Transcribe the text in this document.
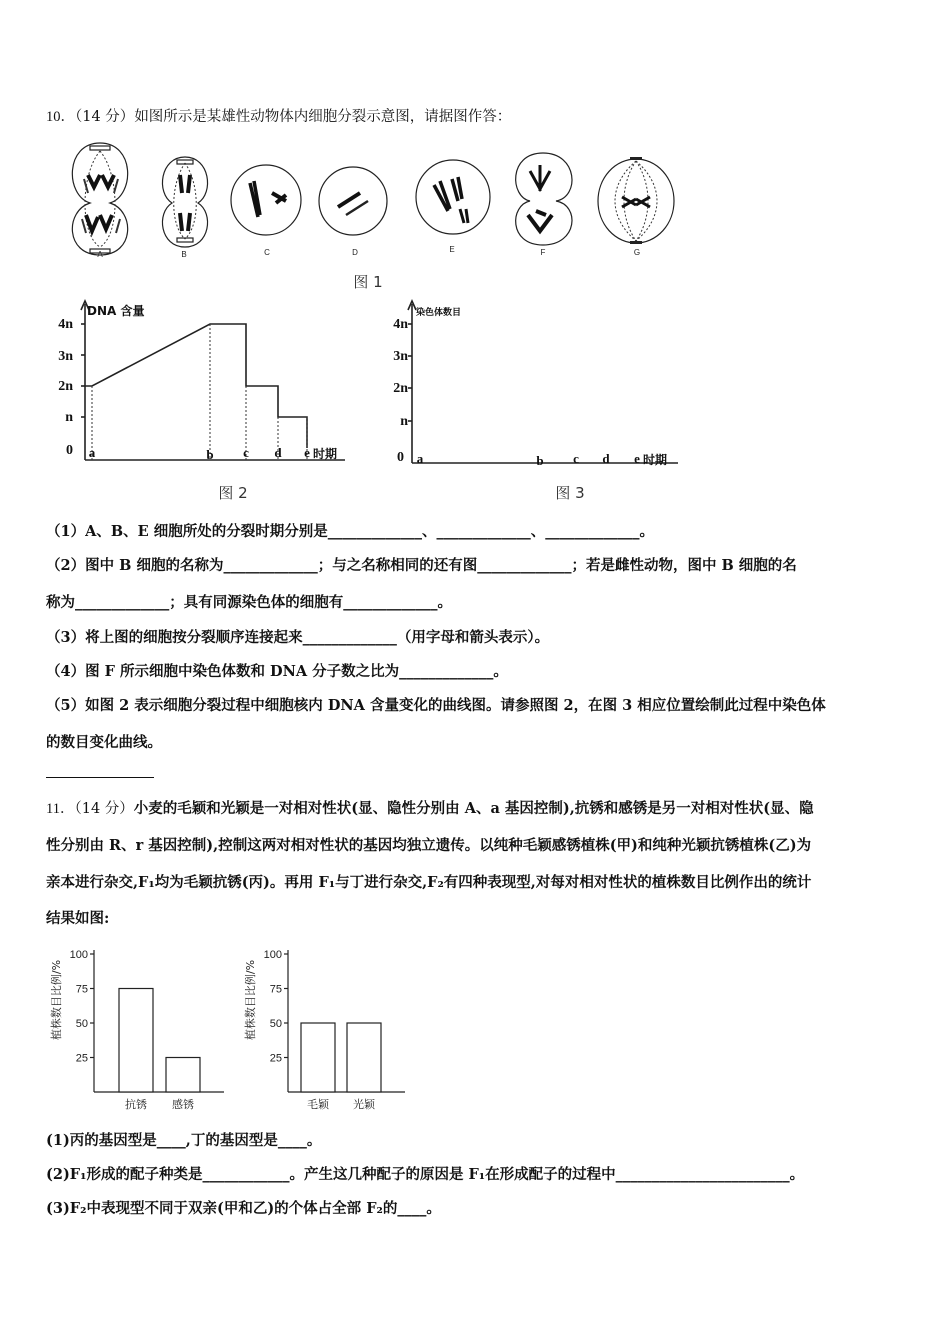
10．（14 分）如图所示是某雄性动物体内细胞分裂示意图，请据图作答：
A	B	C	D	E	F	G
图 1
DNA 含量
4n
3n
2n
n
0 a	b c d e 时期
图 2
染色体数目
4n
3n
2n
n
0 a	b c d e 时期
图 3
（1）A、B、E 细胞所处的分裂时期分别是_____________、_____________、_____________。
（2）图中 B 细胞的名称为_____________；与之名称相同的还有图_____________；若是雌性动物，图中 B 细胞的名
称为_____________；具有同源染色体的细胞有_____________。
（3）将上图的细胞按分裂顺序连接起来_____________（用字母和箭头表示）。
（4）图 F 所示细胞中染色体数和 DNA 分子数之比为_____________。
（5）如图 2 表示细胞分裂过程中细胞核内 DNA 含量变化的曲线图。请参照图 2，在图 3 相应位置绘制此过程中染色体
的数目变化曲线。
11．（14 分）小麦的毛颖和光颖是一对相对性状(显、隐性分别由 A、a 基因控制),抗锈和感锈是另一对相对性状(显、隐
性分别由 R、r 基因控制),控制这两对相对性状的基因均独立遗传。以纯种毛颖感锈植株(甲)和纯种光颖抗锈植株(乙)为
亲本进行杂交,F₁均为毛颖抗锈(丙)。再用 F₁与丁进行杂交,F₂有四种表现型,对每对相对性状的植株数目比例作出的统计
结果如图:
植株数目比例/%
25
50
75
100
抗锈 感锈
植株数目比例/%
25
50
75
100
毛颖 光颖
(1)丙的基因型是____,丁的基因型是____。
(2)F₁形成的配子种类是____________。产生这几种配子的原因是 F₁在形成配子的过程中________________________。
(3)F₂中表现型不同于双亲(甲和乙)的个体占全部 F₂的____。
